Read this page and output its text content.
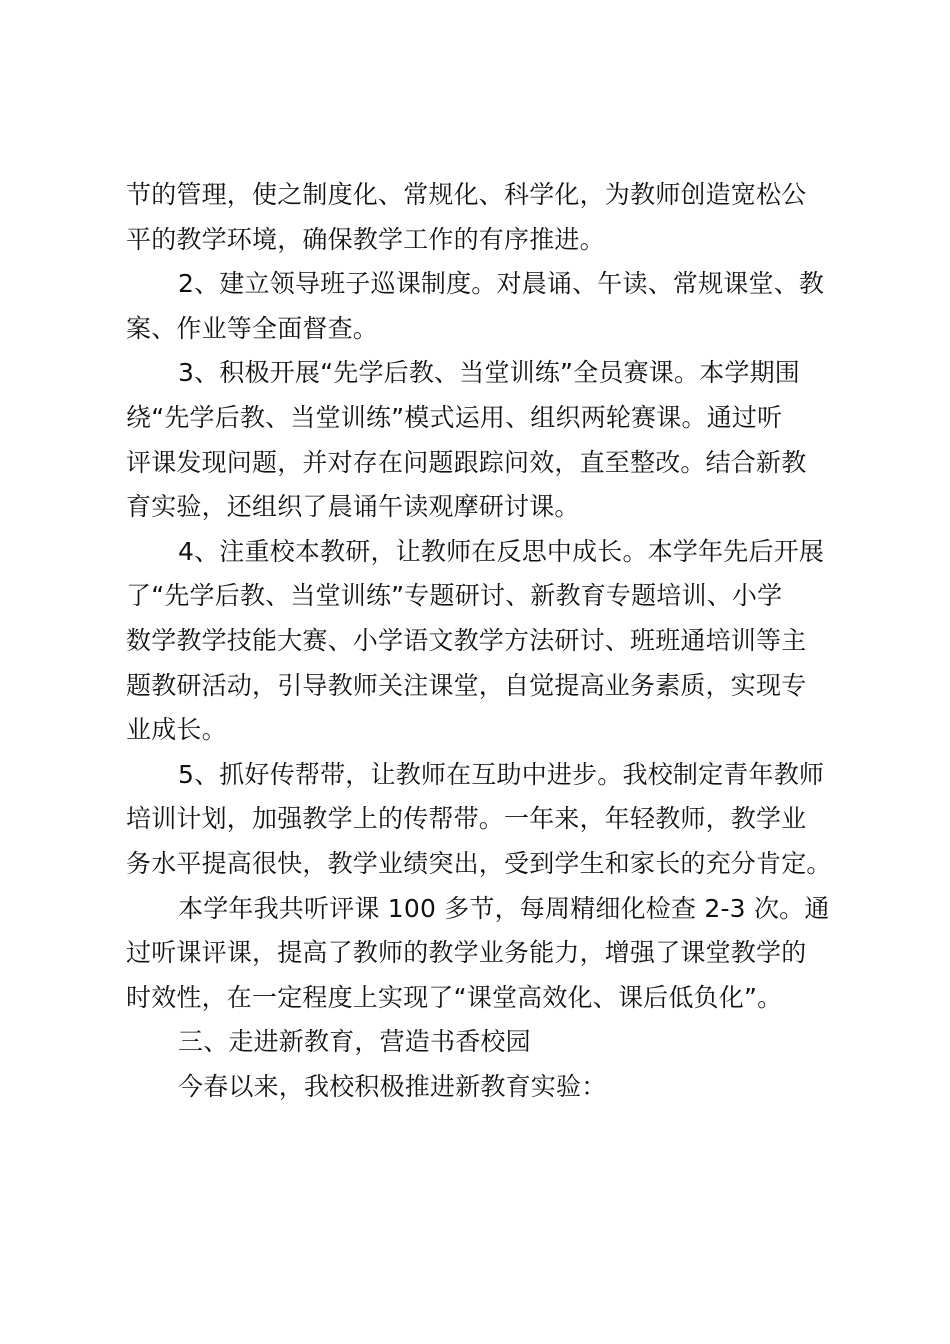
节的管理，使之制度化、常规化、科学化，为教师创造宽松公
平的教学环境，确保教学工作的有序推进。
2、建立领导班子巡课制度。对晨诵、午读、常规课堂、教
案、作业等全面督查。
3、积极开展“先学后教、当堂训练”全员赛课。本学期围
绕“先学后教、当堂训练”模式运用、组织两轮赛课。通过听
评课发现问题，并对存在问题跟踪问效，直至整改。结合新教
育实验，还组织了晨诵午读观摩研讨课。
4、注重校本教研，让教师在反思中成长。本学年先后开展
了“先学后教、当堂训练”专题研讨、新教育专题培训、小学
数学教学技能大赛、小学语文教学方法研讨、班班通培训等主
题教研活动，引导教师关注课堂，自觉提高业务素质，实现专
业成长。
5、抓好传帮带，让教师在互助中进步。我校制定青年教师
培训计划，加强教学上的传帮带。一年来，年轻教师，教学业
务水平提高很快，教学业绩突出，受到学生和家长的充分肯定。
本学年我共听评课 100 多节，每周精细化检查 2-3 次。通
过听课评课，提高了教师的教学业务能力，增强了课堂教学的
时效性，在一定程度上实现了“课堂高效化、课后低负化”。
三、走进新教育，营造书香校园
今春以来，我校积极推进新教育实验：
